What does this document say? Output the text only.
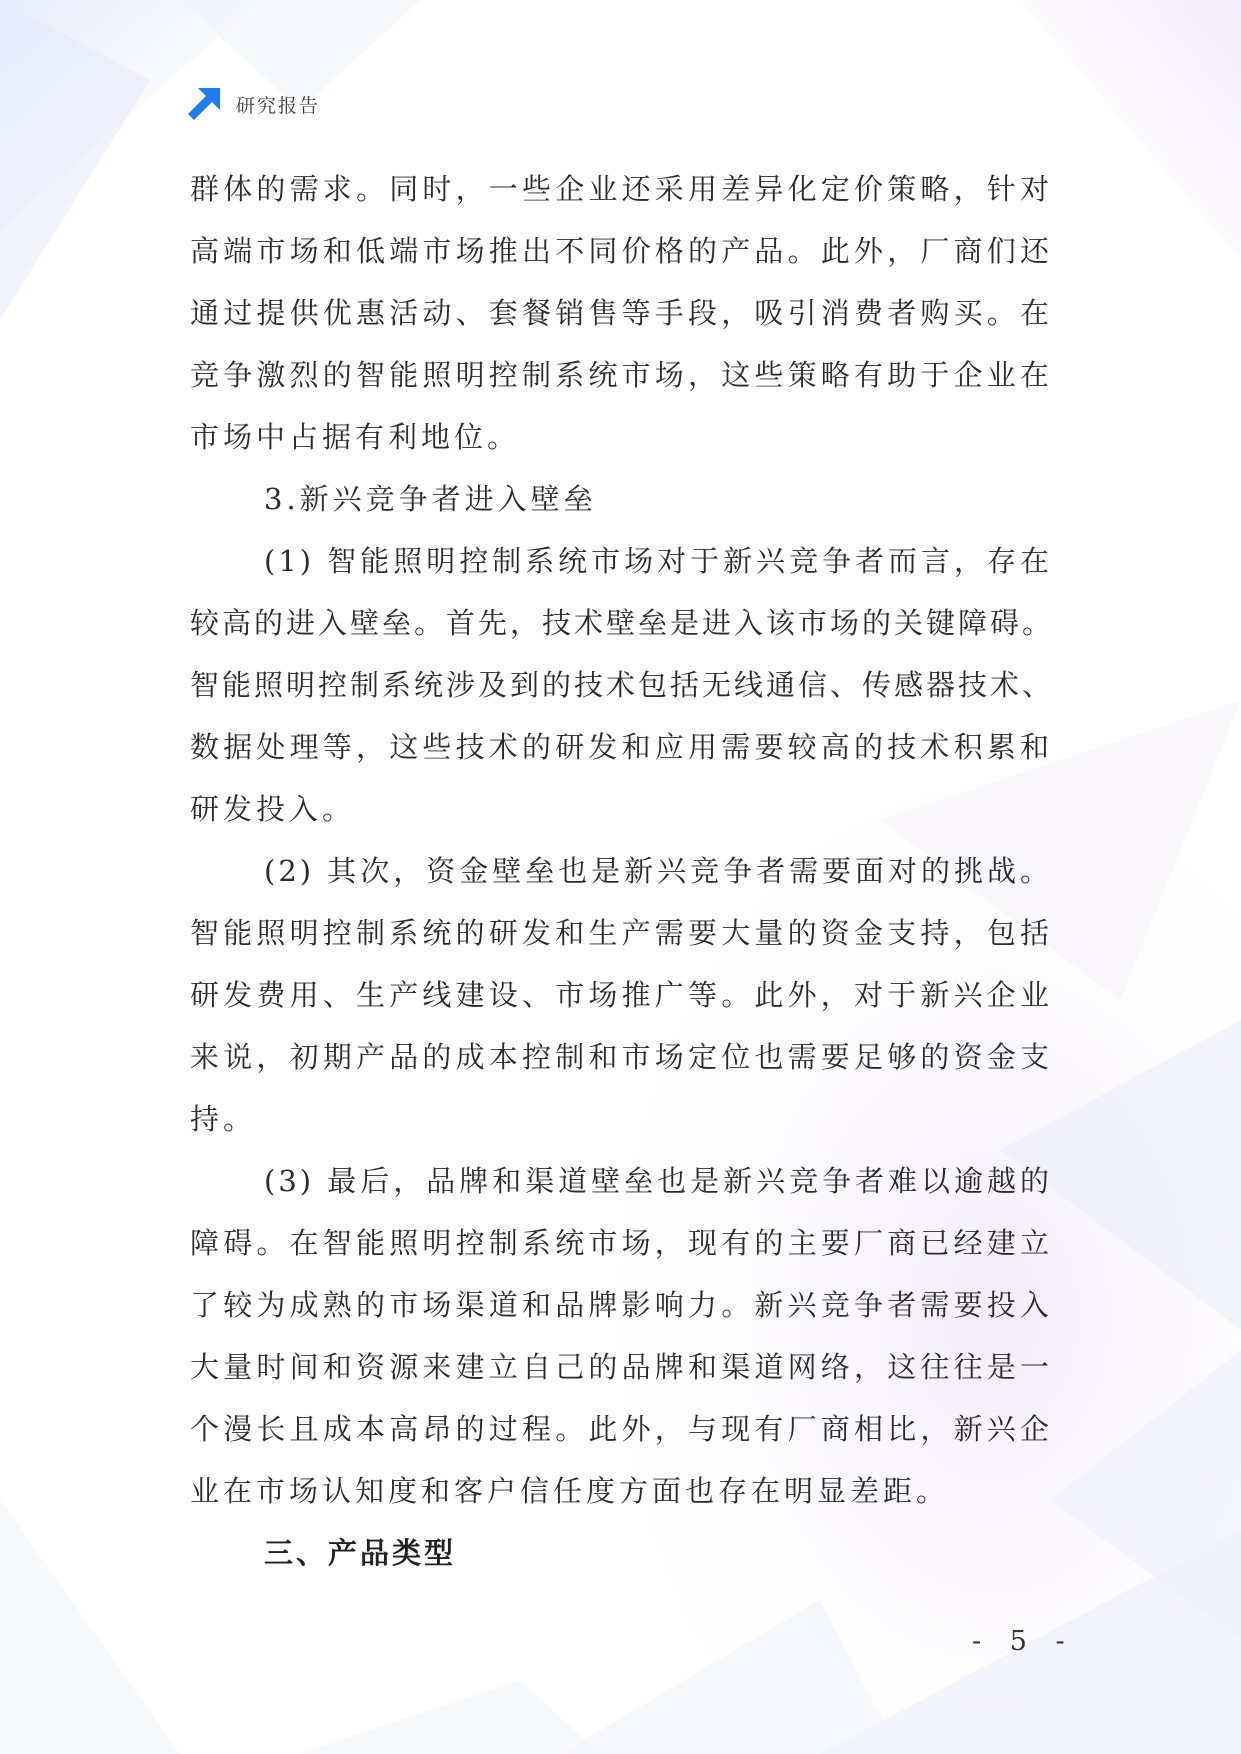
研究报告
群体的需求。同时，一些企业还采用差异化定价策略，针对
高端市场和低端市场推出不同价格的产品。此外，厂商们还
通过提供优惠活动、套餐销售等手段，吸引消费者购买。在
竞争激烈的智能照明控制系统市场，这些策略有助于企业在
市场中占据有利地位。
3.新兴竞争者进入壁垒
(1) 智能照明控制系统市场对于新兴竞争者而言，存在
较高的进入壁垒。首先，技术壁垒是进入该市场的关键障碍。
智能照明控制系统涉及到的技术包括无线通信、传感器技术、
数据处理等，这些技术的研发和应用需要较高的技术积累和
研发投入。
(2) 其次，资金壁垒也是新兴竞争者需要面对的挑战。
智能照明控制系统的研发和生产需要大量的资金支持，包括
研发费用、生产线建设、市场推广等。此外，对于新兴企业
来说，初期产品的成本控制和市场定位也需要足够的资金支
持。
(3) 最后，品牌和渠道壁垒也是新兴竞争者难以逾越的
障碍。在智能照明控制系统市场，现有的主要厂商已经建立
了较为成熟的市场渠道和品牌影响力。新兴竞争者需要投入
大量时间和资源来建立自己的品牌和渠道网络，这往往是一
个漫长且成本高昂的过程。此外，与现有厂商相比，新兴企
业在市场认知度和客户信任度方面也存在明显差距。
三、产品类型
- 5 -
